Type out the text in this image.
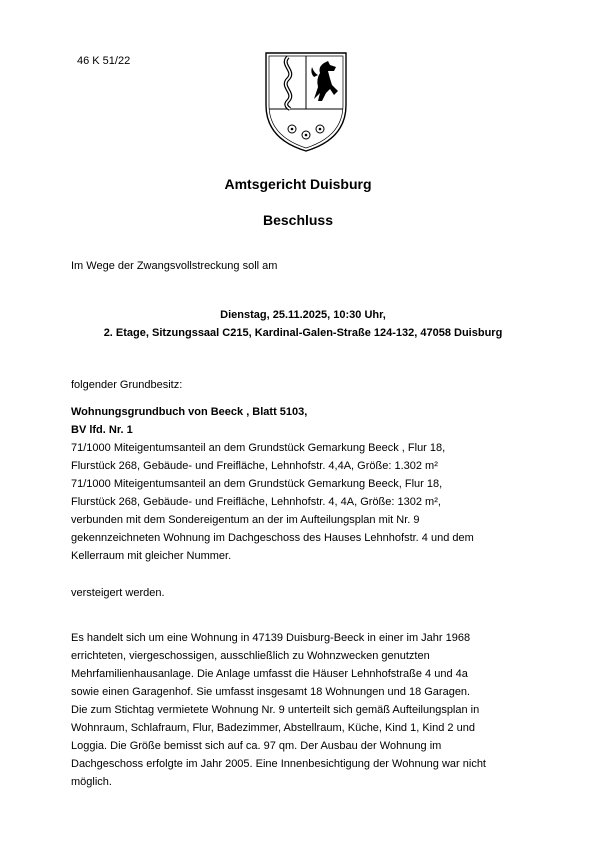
46 K 51/22
Amtsgericht Duisburg
Beschluss
Im Wege der Zwangsvollstreckung soll am
Dienstag, 25.11.2025, 10:30 Uhr,
2. Etage, Sitzungssaal C215, Kardinal-Galen-Straße 124-132, 47058 Duisburg
folgender Grundbesitz:

Wohnungsgrundbuch von Beeck , Blatt 5103,

BV lfd. Nr. 1

71/1000 Miteigentumsanteil an dem Grundstück Gemarkung Beeck , Flur 18,

Flurstück 268, Gebäude- und Freifläche, Lehnhofstr. 4,4A, Größe: 1.302 m²

71/1000 Miteigentumsanteil an dem Grundstück Gemarkung Beeck, Flur 18,

Flurstück 268, Gebäude- und Freifläche, Lehnhofstr. 4, 4A, Größe: 1302 m²,

verbunden mit dem Sondereigentum an der im Aufteilungsplan mit Nr. 9

gekennzeichneten Wohnung im Dachgeschoss des Hauses Lehnhofstr. 4 und dem

Kellerraum mit gleicher Nummer.

versteigert werden.

Es handelt sich um eine Wohnung in 47139 Duisburg-Beeck in einer im Jahr 1968

errichteten, viergeschossigen, ausschließlich zu Wohnzwecken genutzten

Mehrfamilienhausanlage. Die Anlage umfasst die Häuser Lehnhofstraße 4 und 4a

sowie einen Garagenhof. Sie umfasst insgesamt 18 Wohnungen und 18 Garagen.

Die zum Stichtag vermietete Wohnung Nr. 9 unterteilt sich gemäß Aufteilungsplan in

Wohnraum, Schlafraum, Flur, Badezimmer, Abstellraum, Küche, Kind 1, Kind 2 und

Loggia. Die Größe bemisst sich auf ca. 97 qm. Der Ausbau der Wohnung im

Dachgeschoss erfolgte im Jahr 2005. Eine Innenbesichtigung der Wohnung war nicht

möglich.
